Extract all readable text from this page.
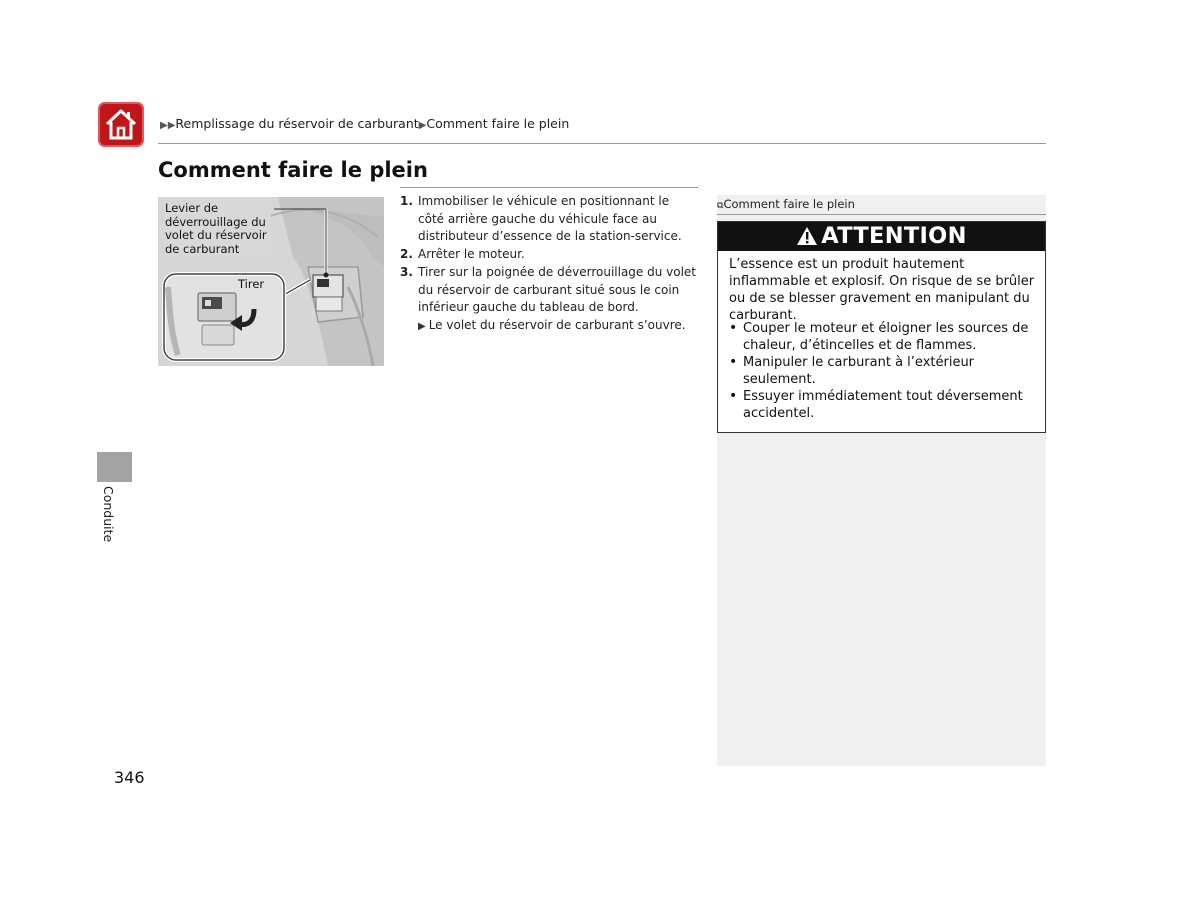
▶▶Remplissage du réservoir de carburant▶Comment faire le plein
Comment faire le plein
Levier de
déverrouillage du
volet du réservoir
de carburant
Tirer
1. Immobiliser le véhicule en positionnant le côté arrière gauche du véhicule face au distributeur d’essence de la station-service.
2. Arrêter le moteur.
3. Tirer sur la poignée de déverrouillage du volet du réservoir de carburant situé sous le coin inférieur gauche du tableau de bord.
▶ Le volet du réservoir de carburant s’ouvre.
⧉Comment faire le plein
ATTENTION

L’essence est un produit hautement inflammable et explosif. On risque de se brûler ou de se blesser gravement en manipulant du carburant.

• Couper le moteur et éloigner les sources de chaleur, d’étincelles et de flammes.
• Manipuler le carburant à l’extérieur seulement.
• Essuyer immédiatement tout déversement accidentel.
Conduite
346
